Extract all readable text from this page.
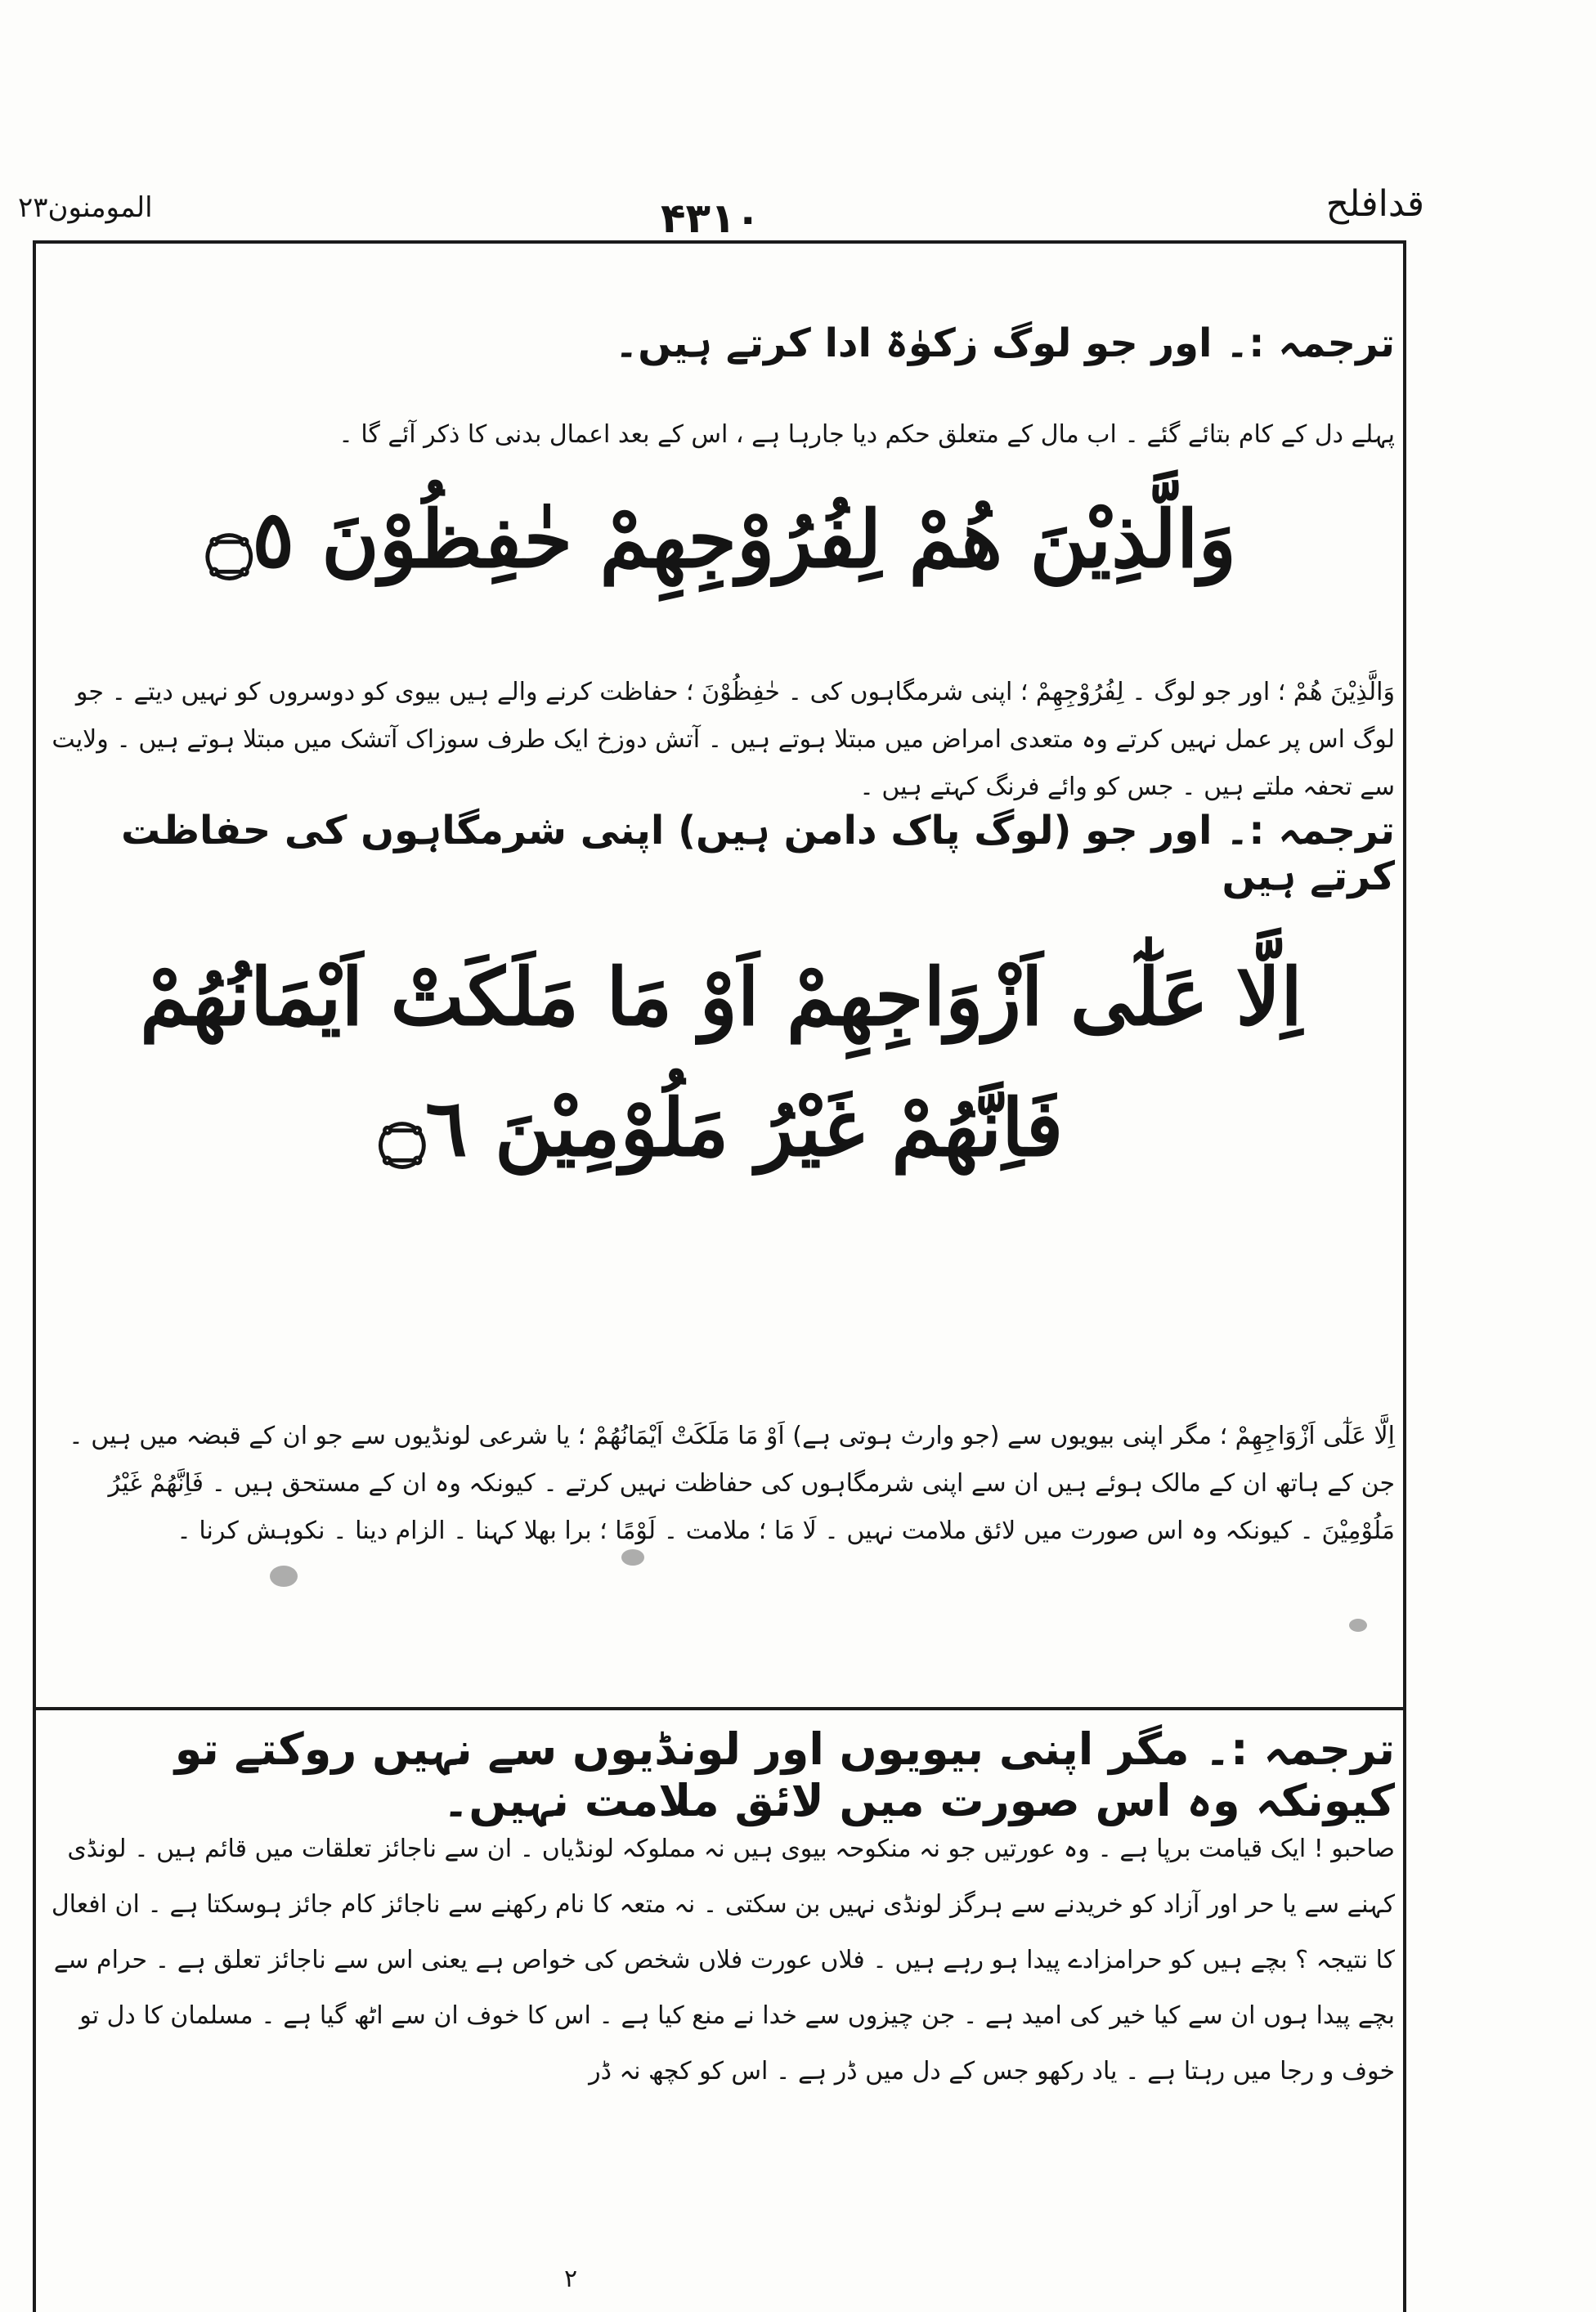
المومنون۲۳	۴۳۱۰	قدافلح
ترجمہ :۔ اور جو لوگ زکوٰۃ ادا کرتے ہیں۔
پہلے دل کے کام بتائے گئے ۔ اب مال کے متعلق حکم دیا جارہا ہے ، اس کے بعد اعمال بدنی کا ذکر آئے گا ۔
وَالَّذِيْنَ هُمْ لِفُرُوْجِهِمْ حٰفِظُوْنَ ۝٥
وَالَّذِيْنَ هُمْ ؛ اور جو لوگ ۔ لِفُرُوْجِهِمْ ؛ اپنی شرمگاہوں کی ۔ حٰفِظُوْنَ ؛ حفاظت کرنے والے ہیں بیوی کو دوسروں کو نہیں دیتے ۔ جو لوگ اس پر عمل نہیں کرتے وہ متعدی امراض میں مبتلا ہوتے ہیں ۔ آتش دوزخ ایک طرف سوزاک آتشک میں مبتلا ہوتے ہیں ۔ ولایت سے تحفہ ملتے ہیں ۔ جس کو وائے فرنگ کہتے ہیں ۔
ترجمہ :۔ اور جو (لوگ پاک دامن ہیں) اپنی شرمگاہوں کی حفاظت کرتے ہیں
اِلَّا عَلٰٓى اَزْوَاجِهِمْ اَوْ مَا مَلَكَتْ اَيْمَانُهُمْ
فَاِنَّهُمْ غَيْرُ مَلُوْمِيْنَ ۝٦
اِلَّا عَلٰٓى اَزْوَاجِهِمْ ؛ مگر اپنی بیویوں سے (جو وارث ہوتی ہے) اَوْ مَا مَلَكَتْ اَيْمَانُهُمْ ؛ یا شرعی لونڈیوں سے جو ان کے قبضہ میں ہیں ۔ جن کے ہاتھ ان کے مالک ہوئے ہیں ان سے اپنی شرمگاہوں کی حفاظت نہیں کرتے ۔ کیونکہ وہ ان کے مستحق ہیں ۔ فَاِنَّهُمْ غَيْرُ مَلُوْمِيْنَ ۔ کیونکہ وہ اس صورت میں لائق ملامت نہیں ۔ لَا مَا ؛ ملامت ۔ لَوْمًا ؛ برا بھلا کہنا ۔ الزام دینا ۔ نکوہش کرنا ۔
ترجمہ :۔ مگر اپنی بیویوں اور لونڈیوں سے نہیں روکتے تو کیونکہ وہ اس صورت میں لائق ملامت نہیں۔
صاحبو ! ایک قیامت برپا ہے ۔ وہ عورتیں جو نہ منکوحہ بیوی ہیں نہ مملوکہ لونڈیاں ۔ ان سے ناجائز تعلقات میں قائم ہیں ۔ لونڈی کہنے سے یا حر اور آزاد کو خریدنے سے ہرگز لونڈی نہیں بن سکتی ۔ نہ متعہ کا نام رکھنے سے ناجائز کام جائز ہوسکتا ہے ۔ ان افعال کا نتیجہ ؟ بچے ہیں کو حرامزادے پیدا ہو رہے ہیں ۔ فلاں عورت فلاں شخص کی خواص ہے یعنی اس سے ناجائز تعلق ہے ۔ حرام سے بچے پیدا ہوں ان سے کیا خیر کی امید ہے ۔ جن چیزوں سے خدا نے منع کیا ہے ۔ اس کا خوف ان سے اٹھ گیا ہے ۔ مسلمان کا دل تو خوف و رجا میں رہتا ہے ۔ یاد رکھو جس کے دل میں ڈر ہے ۔ اس کو کچھ نہ ڈر
۲
